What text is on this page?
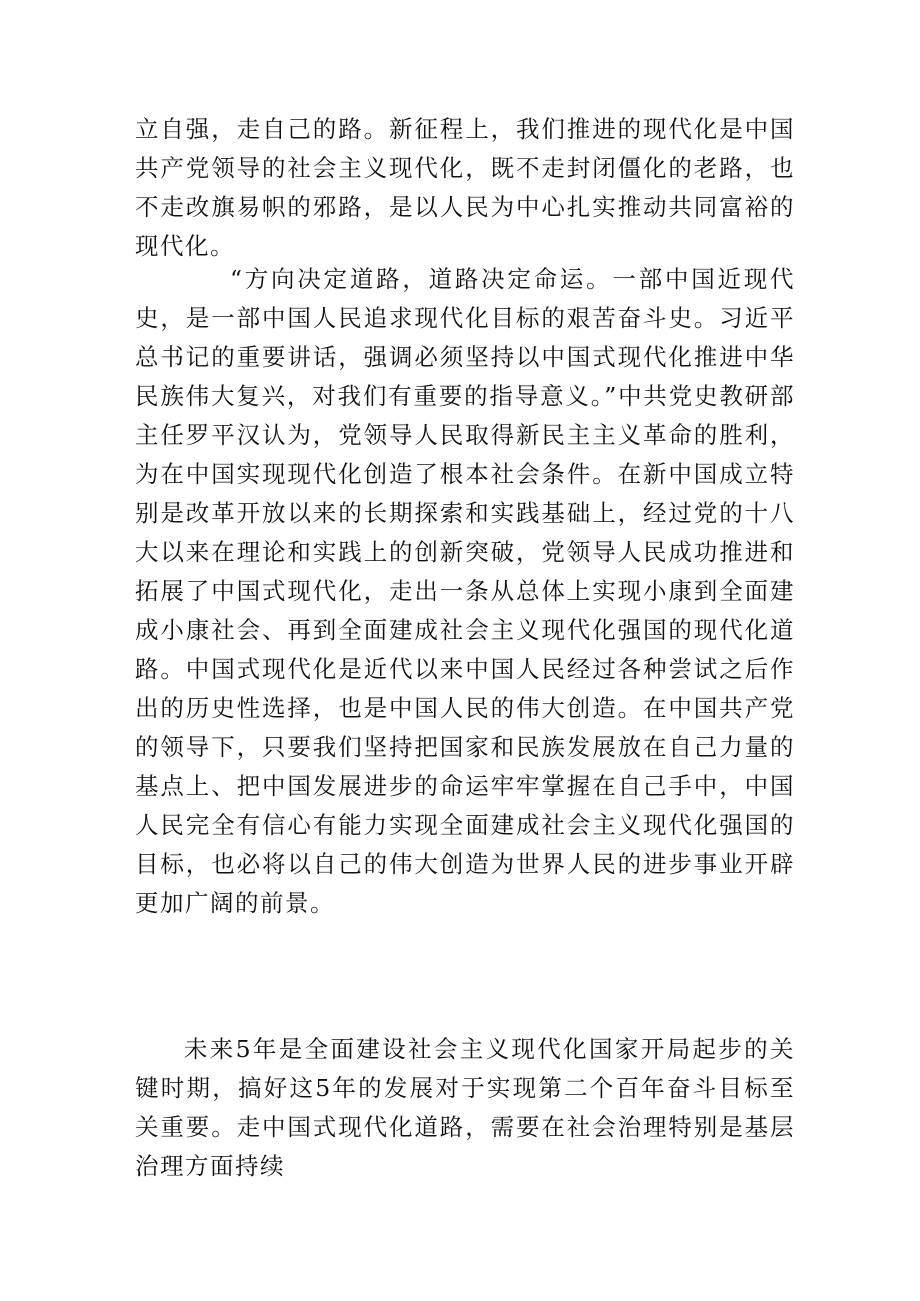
立自强，走自己的路。新征程上，我们推进的现代化是中国共产党领导的社会主义现代化，既不走封闭僵化的老路，也不走改旗易帜的邪路，是以人民为中心扎实推动共同富裕的现代化。
“方向决定道路，道路决定命运。一部中国近现代史，是一部中国人民追求现代化目标的艰苦奋斗史。习近平总书记的重要讲话，强调必须坚持以中国式现代化推进中华民族伟大复兴，对我们有重要的指导意义。”中共党史教研部主任罗平汉认为，党领导人民取得新民主主义革命的胜利，为在中国实现现代化创造了根本社会条件。在新中国成立特别是改革开放以来的长期探索和实践基础上，经过党的十八大以来在理论和实践上的创新突破，党领导人民成功推进和拓展了中国式现代化，走出一条从总体上实现小康到全面建成小康社会、再到全面建成社会主义现代化强国的现代化道路。中国式现代化是近代以来中国人民经过各种尝试之后作出的历史性选择，也是中国人民的伟大创造。在中国共产党的领导下，只要我们坚持把国家和民族发展放在自己力量的基点上、把中国发展进步的命运牢牢掌握在自己手中，中国人民完全有信心有能力实现全面建成社会主义现代化强国的目标，也必将以自己的伟大创造为世界人民的进步事业开辟更加广阔的前景。
未来5年是全面建设社会主义现代化国家开局起步的关键时期，搞好这5年的发展对于实现第二个百年奋斗目标至关重要。走中国式现代化道路，需要在社会治理特别是基层治理方面持续
